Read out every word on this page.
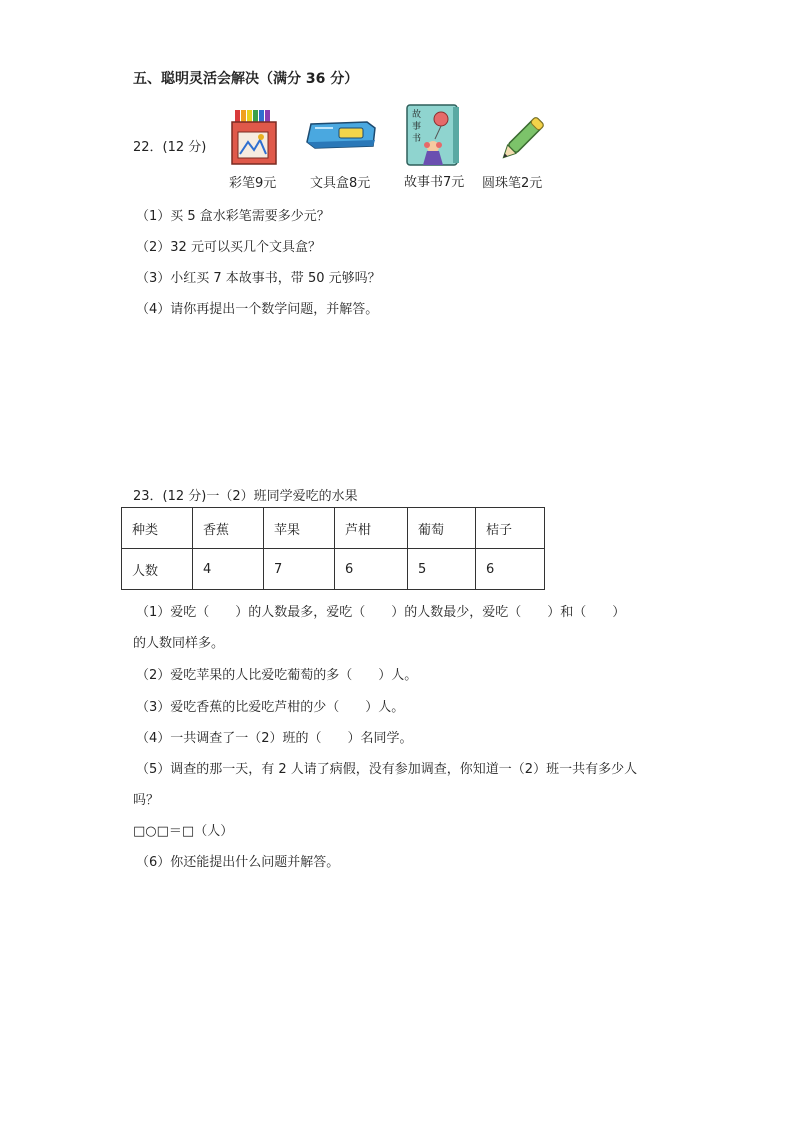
五、聪明灵活会解决（满分 36 分）
22．(12 分)
彩笔9元	文具盒8元
故
事
书
故事书7元 圆珠笔2元
（1）买 5 盒水彩笔需要多少元？
（2）32 元可以买几个文具盒？
（3）小红买 7 本故事书，带 50 元够吗？
（4）请你再提出一个数学问题，并解答。
23．(12 分)一（2）班同学爱吃的水果
种类	香蕉	苹果	芦柑	葡萄	桔子
人数	4	7	6	5	6
（1）爱吃（　　）的人数最多，爱吃（　　）的人数最少，爱吃（　　）和（　　）
的人数同样多。
（2）爱吃苹果的人比爱吃葡萄的多（　　）人。
（3）爱吃香蕉的比爱吃芦柑的少（　　）人。
（4）一共调查了一（2）班的（　　）名同学。
（5）调查的那一天，有 2 人请了病假，没有参加调查，你知道一（2）班一共有多少人
吗？
□○□＝□（人）
（6）你还能提出什么问题并解答。
